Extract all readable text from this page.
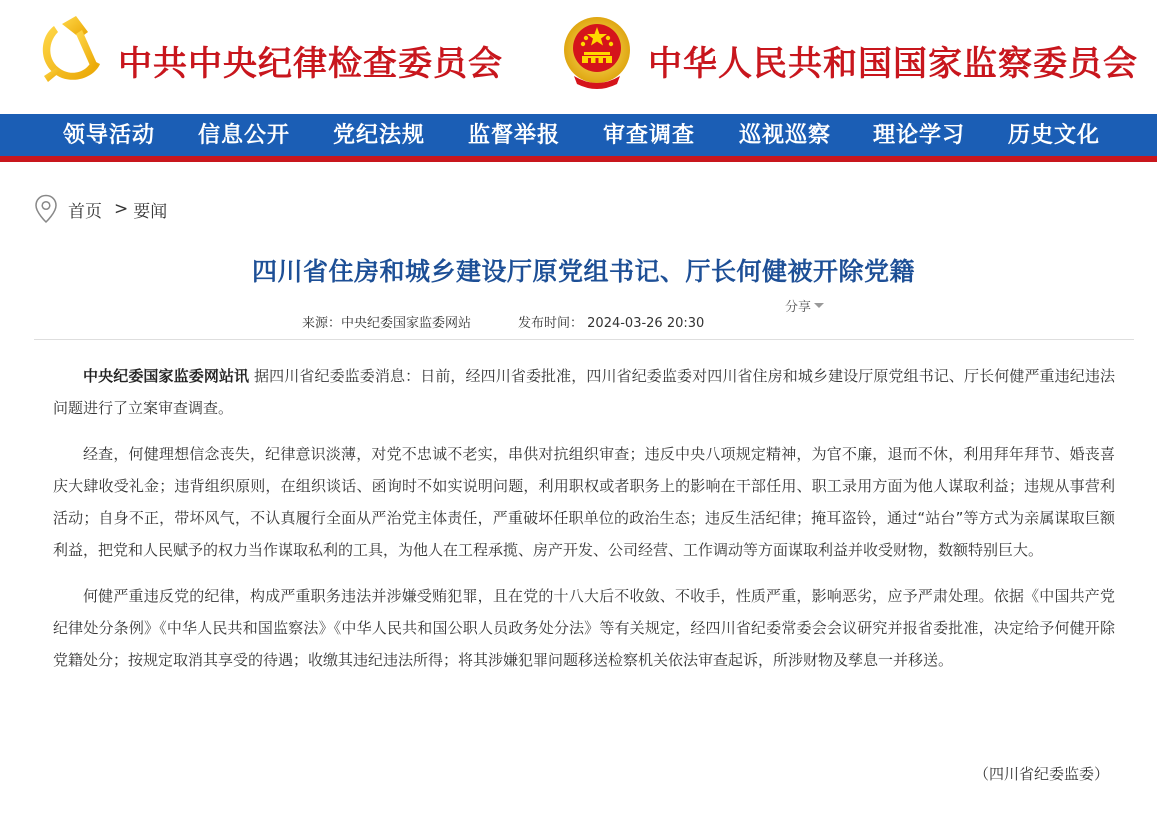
中共中央纪律检查委员会	中华人民共和国国家监察委员会
领导活动 信息公开 党纪法规 监督举报 审查调查 巡视巡察 理论学习 历史文化
首页 > 要闻
四川省住房和城乡建设厅原党组书记、厅长何健被开除党籍
分享
来源：中央纪委国家监委网站	发布时间： 2024-03-26 20:30

中央纪委国家监委网站讯 据四川省纪委监委消息：日前，经四川省委批准，四川省纪委监委对四川省住房和城乡建设厅原党组书记、厅长何健严重违纪违法问题进行了立案审查调查。

经查，何健理想信念丧失，纪律意识淡薄，对党不忠诚不老实，串供对抗组织审查；违反中央八项规定精神，为官不廉，退而不休，利用拜年拜节、婚丧喜庆大肆收受礼金；违背组织原则，在组织谈话、函询时不如实说明问题，利用职权或者职务上的影响在干部任用、职工录用方面为他人谋取利益；违规从事营利活动；自身不正，带坏风气，不认真履行全面从严治党主体责任，严重破坏任职单位的政治生态；违反生活纪律；掩耳盗铃，通过“站台”等方式为亲属谋取巨额利益，把党和人民赋予的权力当作谋取私利的工具，为他人在工程承揽、房产开发、公司经营、工作调动等方面谋取利益并收受财物，数额特别巨大。

何健严重违反党的纪律，构成严重职务违法并涉嫌受贿犯罪，且在党的十八大后不收敛、不收手，性质严重，影响恶劣，应予严肃处理。依据《中国共产党纪律处分条例》《中华人民共和国监察法》《中华人民共和国公职人员政务处分法》等有关规定，经四川省纪委常委会会议研究并报省委批准，决定给予何健开除党籍处分；按规定取消其享受的待遇；收缴其违纪违法所得；将其涉嫌犯罪问题移送检察机关依法审查起诉，所涉财物及孳息一并移送。

（四川省纪委监委）
